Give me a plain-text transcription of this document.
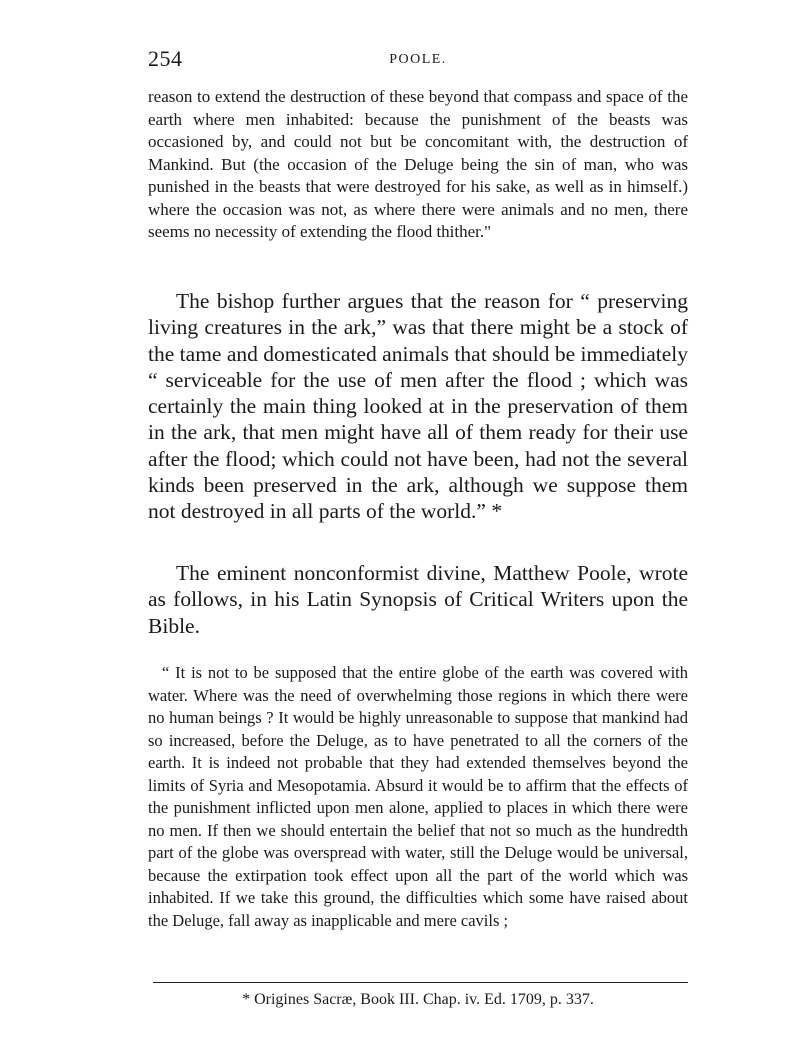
254	POOLE.

reason to extend the destruction of these beyond that compass and space of the earth where men inhabited: because the punishment of the beasts was occasioned by, and could not but be concomitant with, the destruction of Mankind. But (the occasion of the Deluge being the sin of man, who was punished in the beasts that were destroyed for his sake, as well as in himself.) where the occasion was not, as where there were animals and no men, there seems no necessity of extending the flood thither."

The bishop further argues that the reason for “ preserving living creatures in the ark,” was that there might be a stock of the tame and domesticated animals that should be immediately “ serviceable for the use of men after the flood ; which was certainly the main thing looked at in the preservation of them in the ark, that men might have all of them ready for their use after the flood; which could not have been, had not the several kinds been preserved in the ark, although we suppose them not destroyed in all parts of the world.” *

The eminent nonconformist divine, Matthew Poole, wrote as follows, in his Latin Synopsis of Critical Writers upon the Bible.

“ It is not to be supposed that the entire globe of the earth was covered with water. Where was the need of overwhelming those regions in which there were no human beings ? It would be highly unreasonable to suppose that mankind had so increased, before the Deluge, as to have penetrated to all the corners of the earth. It is indeed not probable that they had extended themselves beyond the limits of Syria and Mesopotamia. Absurd it would be to affirm that the effects of the punishment inflicted upon men alone, applied to places in which there were no men. If then we should entertain the belief that not so much as the hundredth part of the globe was overspread with water, still the Deluge would be universal, because the extirpation took effect upon all the part of the world which was inhabited. If we take this ground, the difficulties which some have raised about the Deluge, fall away as inapplicable and mere cavils ;

* Origines Sacræ, Book III. Chap. iv. Ed. 1709, p. 337.
